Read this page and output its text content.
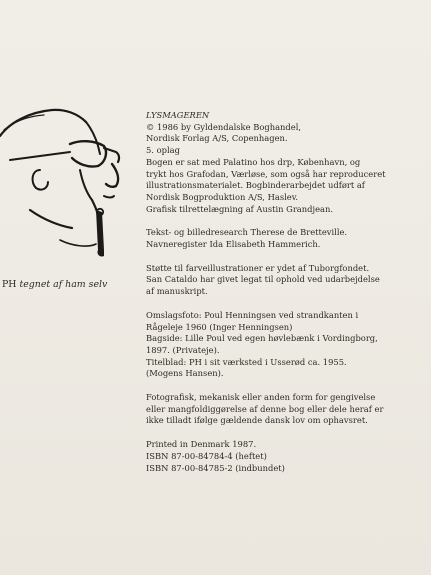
PH tegnet af ham selv

LYSMAGEREN

© 1986 by Gyldendalske Boghandel,

Nordisk Forlag A/S, Copenhagen.

5. oplag

Bogen er sat med Palatino hos drp, København, og

trykt hos Grafodan, Værløse, som også har reproduceret

illustrationsmaterialet. Bogbinderarbejdet udført af

Nordisk Bogproduktion A/S, Haslev.

Grafisk tilrettelægning af Austin Grandjean.

Tekst- og billedresearch Therese de Bretteville.

Navneregister Ida Elisabeth Hammerich.

Støtte til farveillustrationer er ydet af Tuborgfondet.

San Cataldo har givet legat til ophold ved udarbejdelse

af manuskript.

Omslagsfoto: Poul Henningsen ved strandkanten i

Rågeleje 1960 (Inger Henningsen)

Bagside: Lille Poul ved egen høvlebænk i Vordingborg,

1897. (Privateje).

Titelblad: PH i sit værksted i Usserød ca. 1955.

(Mogens Hansen).

Fotografisk, mekanisk eller anden form for gengivelse

eller mangfoldiggørelse af denne bog eller dele heraf er

ikke tilladt ifølge gældende dansk lov om ophavsret.

Printed in Denmark 1987.

ISBN 87-00-84784-4 (heftet)

ISBN 87-00-84785-2 (indbundet)
